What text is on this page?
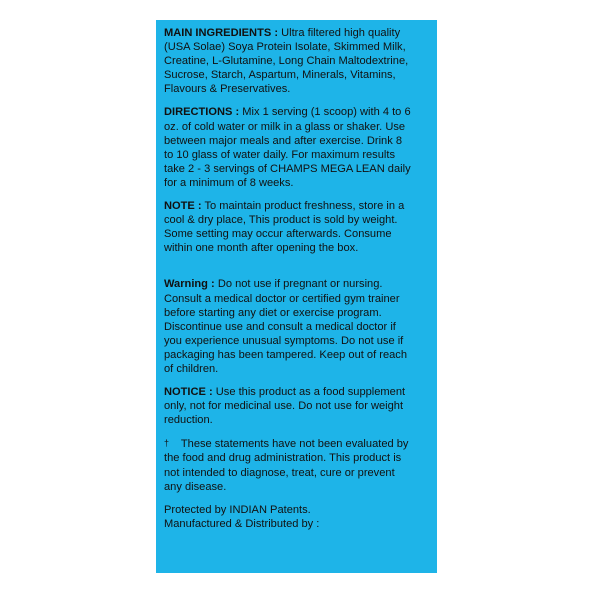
MAIN INGREDIENTS : Ultra filtered high quality
(USA Solae) Soya Protein Isolate, Skimmed Milk,
Creatine, L-Glutamine, Long Chain Maltodextrine,
Sucrose, Starch, Aspartum, Minerals, Vitamins,
Flavours & Preservatives.
DIRECTIONS : Mix 1 serving (1 scoop) with 4 to 6
oz. of cold water or milk in a glass or shaker. Use
between major meals and after exercise. Drink 8
to 10 glass of water daily. For maximum results
take 2 - 3 servings of CHAMPS MEGA LEAN daily
for a minimum of 8 weeks.
NOTE : To maintain product freshness, store in a
cool & dry place, This product is sold by weight.
Some setting may occur afterwards. Consume
within one month after opening the box.
Warning : Do not use if pregnant or nursing.
Consult a medical doctor or certified gym trainer
before starting any diet or exercise program.
Discontinue use and consult a medical doctor if
you experience unusual symptoms. Do not use if
packaging has been tampered. Keep out of reach
of children.
NOTICE : Use this product as a food supplement
only, not for medicinal use. Do not use for weight
reduction.
† These statements have not been evaluated by
the food and drug administration. This product is
not intended to diagnose, treat, cure or prevent
any disease.
Protected by INDIAN Patents.
Manufactured & Distributed by :
